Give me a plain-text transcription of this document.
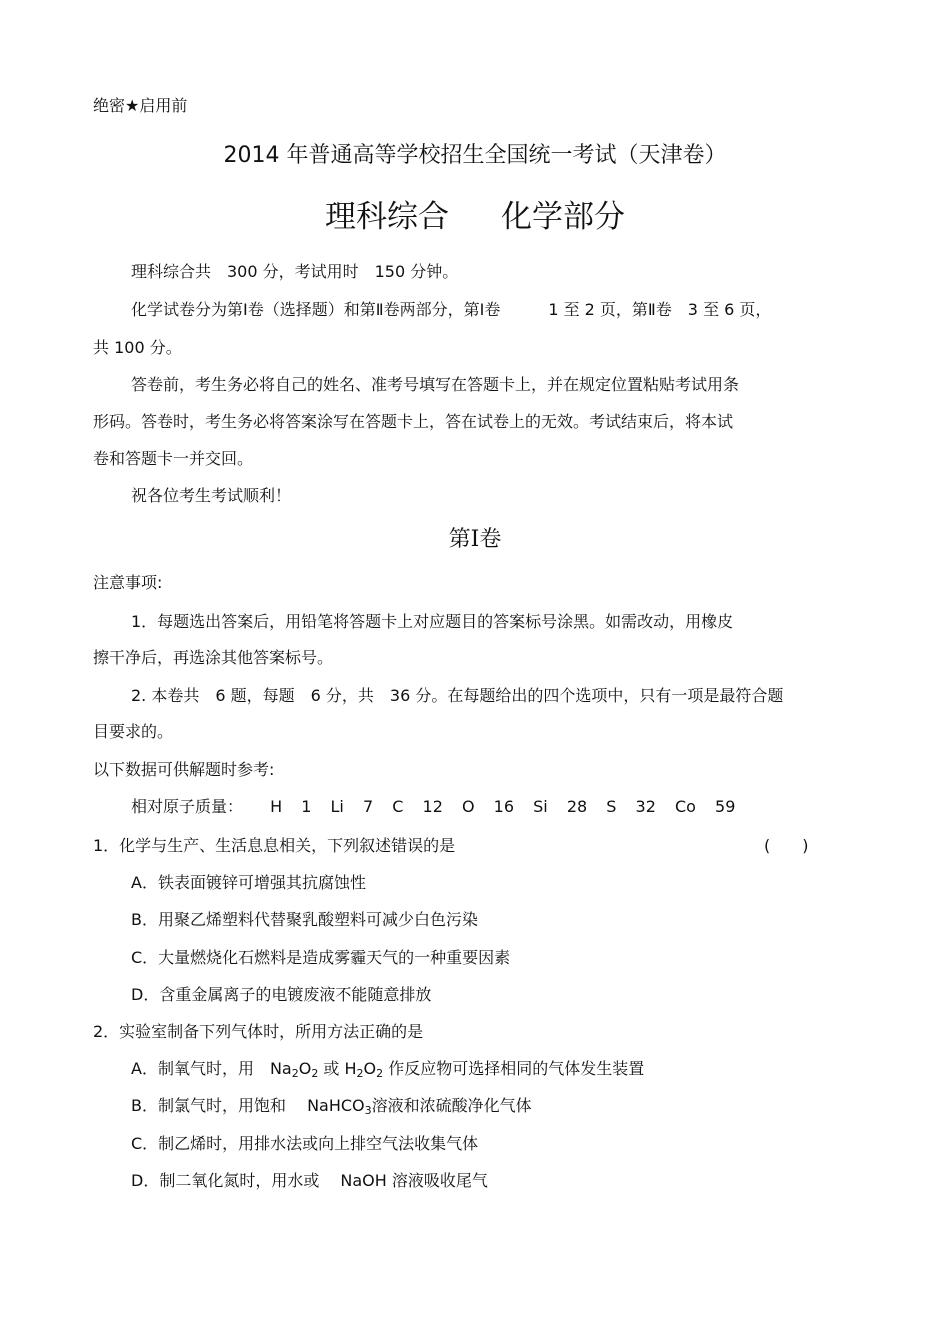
绝密★启用前
2014 年普通高等学校招生全国统一考试（天津卷）
理科综合 化学部分
理科综合共　300 分，考试用时　150 分钟。
化学试卷分为第Ⅰ卷（选择题）和第Ⅱ卷两部分，第Ⅰ卷　　　1 至 2 页，第Ⅱ卷　3 至 6 页，
共 100 分。
答卷前，考生务必将自己的姓名、准考号填写在答题卡上，并在规定位置粘贴考试用条
形码。答卷时，考生务必将答案涂写在答题卡上，答在试卷上的无效。考试结束后，将本试
卷和答题卡一并交回。
祝各位考生考试顺利！
第Ⅰ卷
注意事项:
1．每题选出答案后，用铅笔将答题卡上对应题目的答案标号涂黑。如需改动，用橡皮
擦干净后，再选涂其他答案标号。
2. 本卷共　6 题，每题　6 分，共　36 分。在每题给出的四个选项中，只有一项是最符合题
目要求的。
以下数据可供解题时参考:
相对原子质量： H 1 Li 7 C 12 O 16 Si 28 S 32 Co 59
1．化学与生产、生活息息相关，下列叙述错误的是	(　　)
A．铁表面镀锌可增强其抗腐蚀性
B．用聚乙烯塑料代替聚乳酸塑料可减少白色污染
C．大量燃烧化石燃料是造成雾霾天气的一种重要因素
D．含重金属离子的电镀废液不能随意排放
2．实验室制备下列气体时，所用方法正确的是
A．制氧气时，用　$Na_2O_2$ 或 $H_2O_2$ 作反应物可选择相同的气体发生装置
B．制氯气时，用饱和　 NaHCO$_3$溶液和浓硫酸净化气体
C．制乙烯时，用排水法或向上排空气法收集气体
D．制二氧化氮时，用水或　 NaOH 溶液吸收尾气
